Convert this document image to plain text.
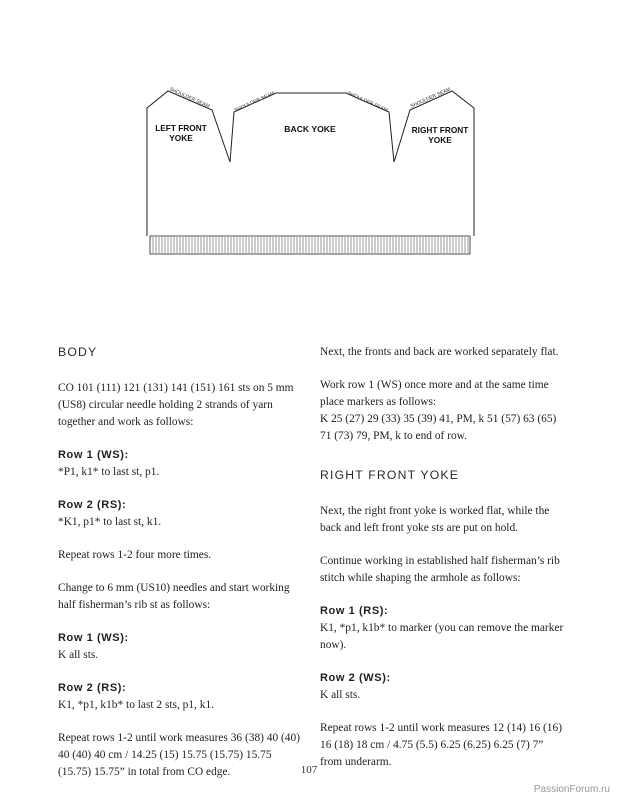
LEFT FRONT
YOKE
BACK YOKE	RIGHT FRONT
YOKE
SHOULDER SEAM	SHOULDER SEAM	SHOULDER SEAM	SHOULDER SEAM
BODY

CO 101 (111) 121 (131) 141 (151) 161 sts on 5 mm (US8) circular needle holding 2 strands of yarn together and work as follows:

Row 1 (WS):
*P1, k1* to last st, p1.

Row 2 (RS):
*K1, p1* to last st, k1.

Repeat rows 1-2 four more times.

Change to 6 mm (US10) needles and start working half fisherman’s rib st as follows:

Row 1 (WS):
K all sts.

Row 2 (RS):
K1, *p1, k1b* to last 2 sts, p1, k1.

Repeat rows 1-2 until work measures 36 (38) 40 (40) 40 (40) 40 cm / 14.25 (15) 15.75 (15.75) 15.75 (15.75) 15.75” in total from CO edge.

Next, the fronts and back are worked separately flat.

Work row 1 (WS) once more and at the same time place markers as follows:

K 25 (27) 29 (33) 35 (39) 41, PM, k 51 (57) 63 (65) 71 (73) 79, PM, k to end of row.

RIGHT FRONT YOKE

Next, the right front yoke is worked flat, while the back and left front yoke sts are put on hold.

Continue working in established half fisherman’s rib stitch while shaping the armhole as follows:

Row 1 (RS):
K1, *p1, k1b* to marker (you can remove the marker now).

Row 2 (WS):
K all sts.

Repeat rows 1-2 until work measures 12 (14) 16 (16) 16 (18) 18 cm / 4.75 (5.5) 6.25 (6.25) 6.25 (7) 7” from underarm.

107
PassionForum.ru
